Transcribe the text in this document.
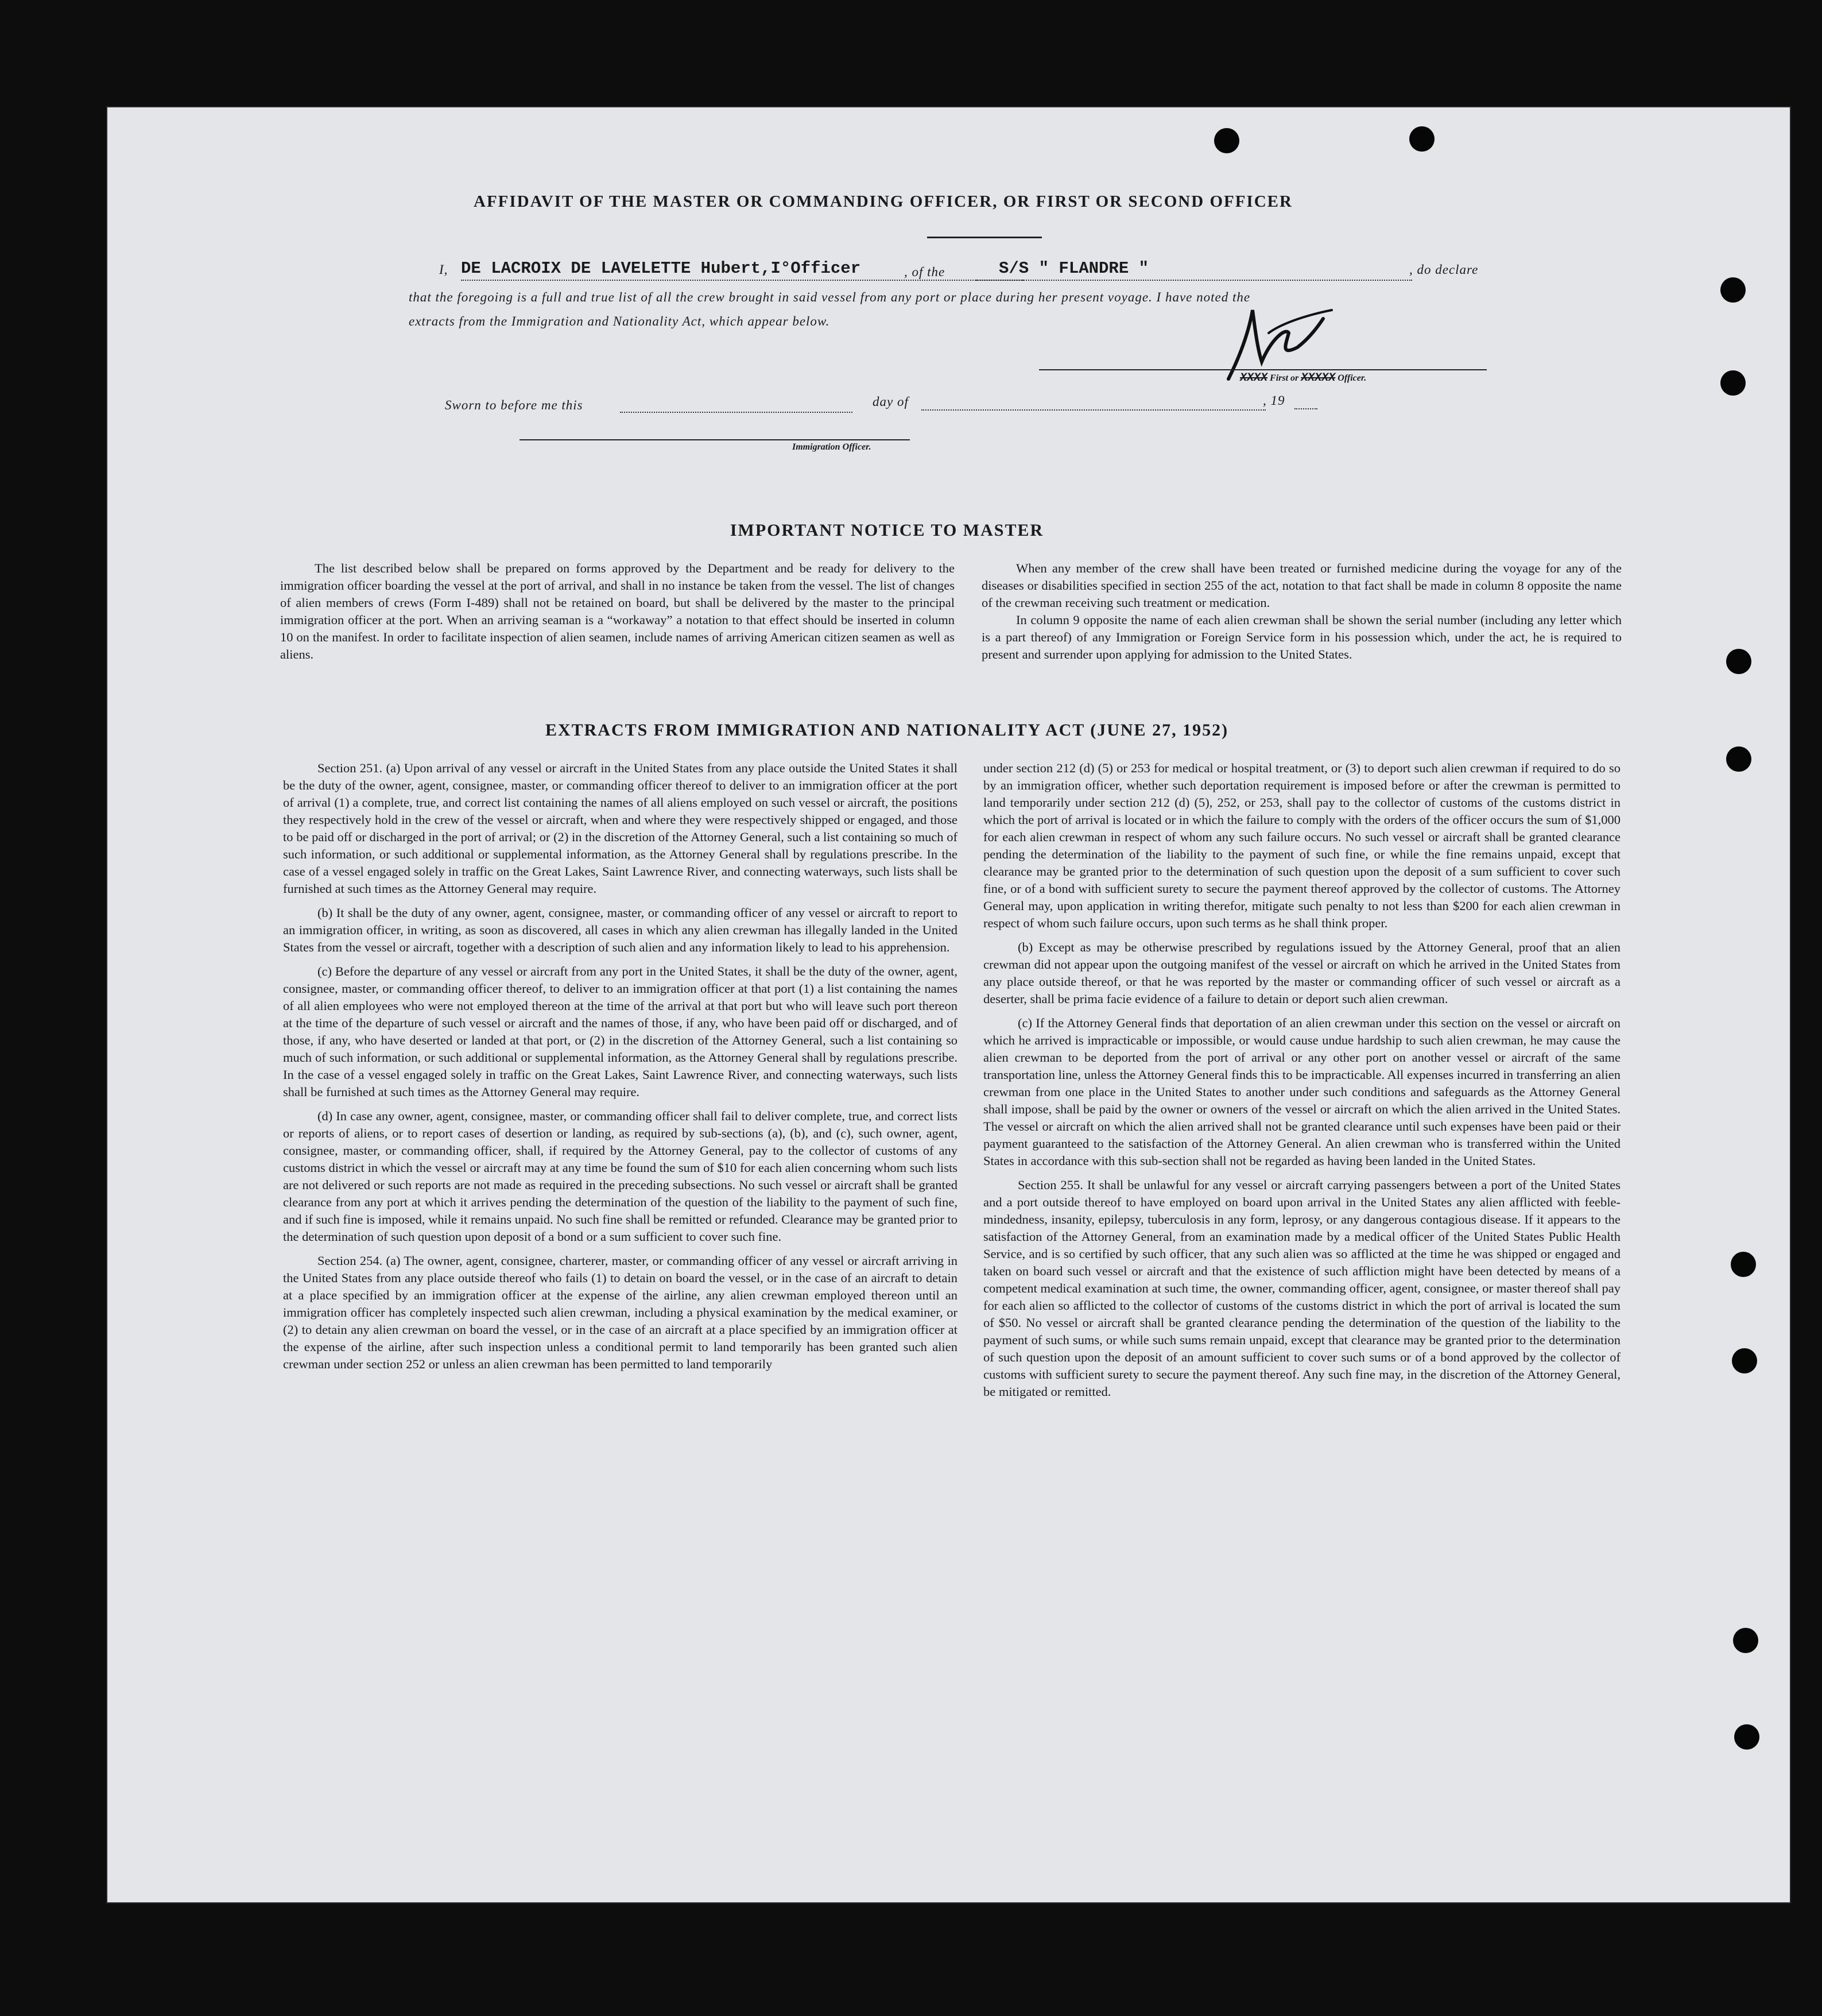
AFFIDAVIT OF THE MASTER OR COMMANDING OFFICER, OR FIRST OR SECOND OFFICER
I, DE LACROIX DE LAVELETTE Hubert,I°Officer	, of the	S/S " FLANDRE "	, do declare
that the foregoing is a full and true list of all the crew brought in said vessel from any port or place during her present voyage. I have noted the
extracts from the Immigration and Nationality Act, which appear below.
XXXX First or XXXXX Officer.
Sworn to before me this	day of	, 19
Immigration Officer.
IMPORTANT NOTICE TO MASTER

The list described below shall be prepared on forms approved by the Department and be ready for delivery to the immigration officer boarding the vessel at the port of arrival, and shall in no instance be taken from the vessel. The list of changes of alien members of crews (Form I-489) shall not be retained on board, but shall be delivered by the master to the principal immigration officer at the port. When an arriving seaman is a “workaway” a notation to that effect should be inserted in column 10 on the manifest. In order to facilitate inspection of alien seamen, include names of arriving American citizen seamen as well as aliens.

When any member of the crew shall have been treated or furnished medicine during the voyage for any of the diseases or disabilities specified in section 255 of the act, notation to that fact shall be made in column 8 opposite the name of the crewman receiving such treatment or medication.

In column 9 opposite the name of each alien crewman shall be shown the serial number (including any letter which is a part thereof) of any Immigration or Foreign Service form in his possession which, under the act, he is required to present and surrender upon applying for admission to the United States.

EXTRACTS FROM IMMIGRATION AND NATIONALITY ACT (JUNE 27, 1952)

Section 251. (a) Upon arrival of any vessel or aircraft in the United States from any place outside the United States it shall be the duty of the owner, agent, consignee, master, or commanding officer thereof to deliver to an immigration officer at the port of arrival (1) a complete, true, and correct list containing the names of all aliens employed on such vessel or aircraft, the positions they respectively hold in the crew of the vessel or aircraft, when and where they were respectively shipped or engaged, and those to be paid off or discharged in the port of arrival; or (2) in the discretion of the Attorney General, such a list containing so much of such information, or such additional or supplemental information, as the Attorney General shall by regulations prescribe. In the case of a vessel engaged solely in traffic on the Great Lakes, Saint Lawrence River, and connecting waterways, such lists shall be furnished at such times as the Attorney General may require.

(b) It shall be the duty of any owner, agent, consignee, master, or commanding officer of any vessel or aircraft to report to an immigration officer, in writing, as soon as discovered, all cases in which any alien crewman has illegally landed in the United States from the vessel or aircraft, together with a description of such alien and any information likely to lead to his apprehension.

(c) Before the departure of any vessel or aircraft from any port in the United States, it shall be the duty of the owner, agent, consignee, master, or commanding officer thereof, to deliver to an immigration officer at that port (1) a list containing the names of all alien employees who were not employed thereon at the time of the arrival at that port but who will leave such port thereon at the time of the departure of such vessel or aircraft and the names of those, if any, who have been paid off or discharged, and of those, if any, who have deserted or landed at that port, or (2) in the discretion of the Attorney General, such a list containing so much of such information, or such additional or supplemental information, as the Attorney General shall by regulations prescribe. In the case of a vessel engaged solely in traffic on the Great Lakes, Saint Lawrence River, and connecting waterways, such lists shall be furnished at such times as the Attorney General may require.

(d) In case any owner, agent, consignee, master, or commanding officer shall fail to deliver complete, true, and correct lists or reports of aliens, or to report cases of desertion or landing, as required by sub-sections (a), (b), and (c), such owner, agent, consignee, master, or commanding officer, shall, if required by the Attorney General, pay to the collector of customs of any customs district in which the vessel or aircraft may at any time be found the sum of $10 for each alien concerning whom such lists are not delivered or such reports are not made as required in the preceding subsections. No such vessel or aircraft shall be granted clearance from any port at which it arrives pending the determination of the question of the liability to the payment of such fine, and if such fine is imposed, while it remains unpaid. No such fine shall be remitted or refunded. Clearance may be granted prior to the determination of such question upon deposit of a bond or a sum sufficient to cover such fine.

Section 254. (a) The owner, agent, consignee, charterer, master, or commanding officer of any vessel or aircraft arriving in the United States from any place outside thereof who fails (1) to detain on board the vessel, or in the case of an aircraft to detain at a place specified by an immigration officer at the expense of the airline, any alien crewman employed thereon until an immigration officer has completely inspected such alien crewman, including a physical examination by the medical examiner, or (2) to detain any alien crewman on board the vessel, or in the case of an aircraft at a place specified by an immigration officer at the expense of the airline, after such inspection unless a conditional permit to land temporarily has been granted such alien crewman under section 252 or unless an alien crewman has been permitted to land temporarily

under section 212 (d) (5) or 253 for medical or hospital treatment, or (3) to deport such alien crewman if required to do so by an immigration officer, whether such deportation requirement is imposed before or after the crewman is permitted to land temporarily under section 212 (d) (5), 252, or 253, shall pay to the collector of customs of the customs district in which the port of arrival is located or in which the failure to comply with the orders of the officer occurs the sum of $1,000 for each alien crewman in respect of whom any such failure occurs. No such vessel or aircraft shall be granted clearance pending the determination of the liability to the payment of such fine, or while the fine remains unpaid, except that clearance may be granted prior to the determination of such question upon the deposit of a sum sufficient to cover such fine, or of a bond with sufficient surety to secure the payment thereof approved by the collector of customs. The Attorney General may, upon application in writing therefor, mitigate such penalty to not less than $200 for each alien crewman in respect of whom such failure occurs, upon such terms as he shall think proper.

(b) Except as may be otherwise prescribed by regulations issued by the Attorney General, proof that an alien crewman did not appear upon the outgoing manifest of the vessel or aircraft on which he arrived in the United States from any place outside thereof, or that he was reported by the master or commanding officer of such vessel or aircraft as a deserter, shall be prima facie evidence of a failure to detain or deport such alien crewman.

(c) If the Attorney General finds that deportation of an alien crewman under this section on the vessel or aircraft on which he arrived is impracticable or impossible, or would cause undue hardship to such alien crewman, he may cause the alien crewman to be deported from the port of arrival or any other port on another vessel or aircraft of the same transportation line, unless the Attorney General finds this to be impracticable. All expenses incurred in transferring an alien crewman from one place in the United States to another under such conditions and safeguards as the Attorney General shall impose, shall be paid by the owner or owners of the vessel or aircraft on which the alien arrived in the United States. The vessel or aircraft on which the alien arrived shall not be granted clearance until such expenses have been paid or their payment guaranteed to the satisfaction of the Attorney General. An alien crewman who is transferred within the United States in accordance with this sub-section shall not be regarded as having been landed in the United States.

Section 255. It shall be unlawful for any vessel or aircraft carrying passengers between a port of the United States and a port outside thereof to have employed on board upon arrival in the United States any alien afflicted with feeble-mindedness, insanity, epilepsy, tuberculosis in any form, leprosy, or any dangerous contagious disease. If it appears to the satisfaction of the Attorney General, from an examination made by a medical officer of the United States Public Health Service, and is so certified by such officer, that any such alien was so afflicted at the time he was shipped or engaged and taken on board such vessel or aircraft and that the existence of such affliction might have been detected by means of a competent medical examination at such time, the owner, commanding officer, agent, consignee, or master thereof shall pay for each alien so afflicted to the collector of customs of the customs district in which the port of arrival is located the sum of $50. No vessel or aircraft shall be granted clearance pending the determination of the question of the liability to the payment of such sums, or while such sums remain unpaid, except that clearance may be granted prior to the determination of such question upon the deposit of an amount sufficient to cover such sums or of a bond approved by the collector of customs with sufficient surety to secure the payment thereof. Any such fine may, in the discretion of the Attorney General, be mitigated or remitted.
